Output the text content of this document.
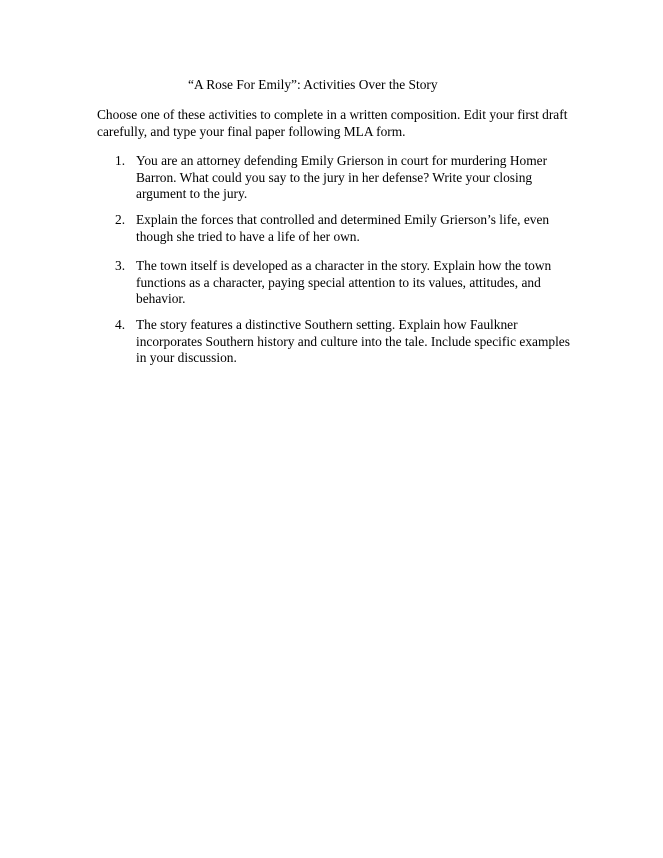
“A Rose For Emily”: Activities Over the Story
Choose one of these activities to complete in a written composition. Edit your first draft
carefully, and type your final paper following MLA form.
1. You are an attorney defending Emily Grierson in court for murdering Homer
Barron. What could you say to the jury in her defense? Write your closing
argument to the jury.
2. Explain the forces that controlled and determined Emily Grierson’s life, even
though she tried to have a life of her own.
3. The town itself is developed as a character in the story. Explain how the town
functions as a character, paying special attention to its values, attitudes, and
behavior.
4. The story features a distinctive Southern setting. Explain how Faulkner
incorporates Southern history and culture into the tale. Include specific examples
in your discussion.
